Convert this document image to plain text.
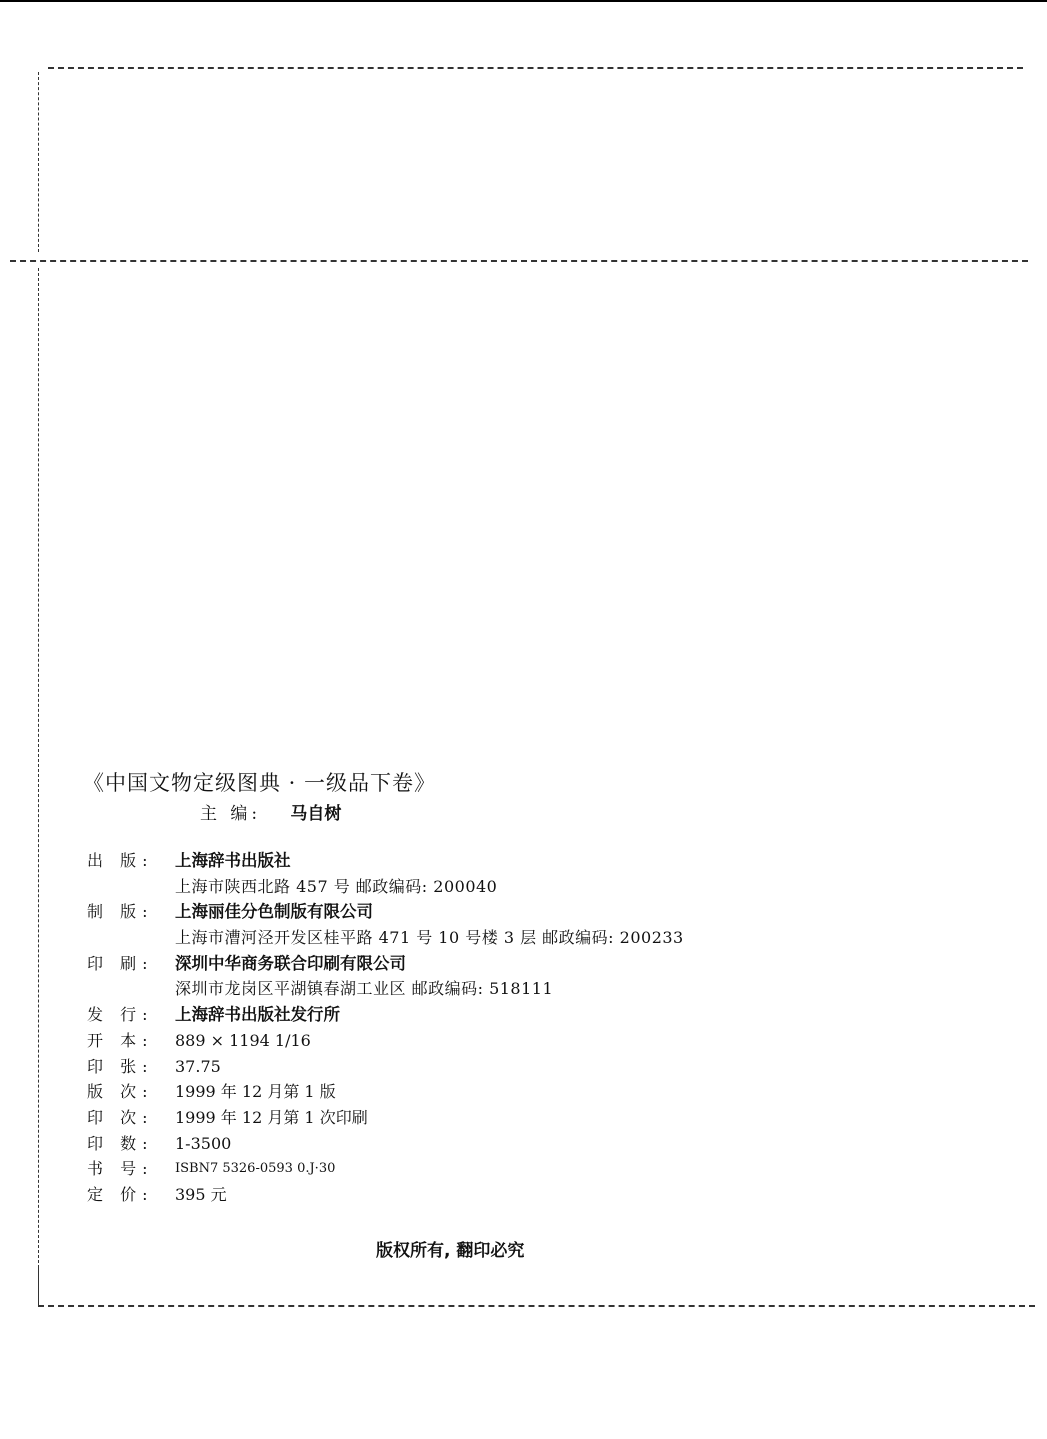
《中国文物定级图典 · 一级品下卷》
主 编: 马自树
出 版:	上海辞书出版社
上海市陕西北路 457 号 邮政编码: 200040
制 版:	上海丽佳分色制版有限公司
上海市漕河泾开发区桂平路 471 号 10 号楼 3 层 邮政编码: 200233
印 刷:	深圳中华商务联合印刷有限公司
深圳市龙岗区平湖镇春湖工业区 邮政编码: 518111
发 行:	上海辞书出版社发行所
开 本:	889 × 1194 1/16
印 张:	37.75
版 次:	1999 年 12 月第 1 版
印 次:	1999 年 12 月第 1 次印刷
印 数:	1-3500
书 号:	ISBN7 5326-0593 0.J·30
定 价:	395 元
版权所有, 翻印必究
